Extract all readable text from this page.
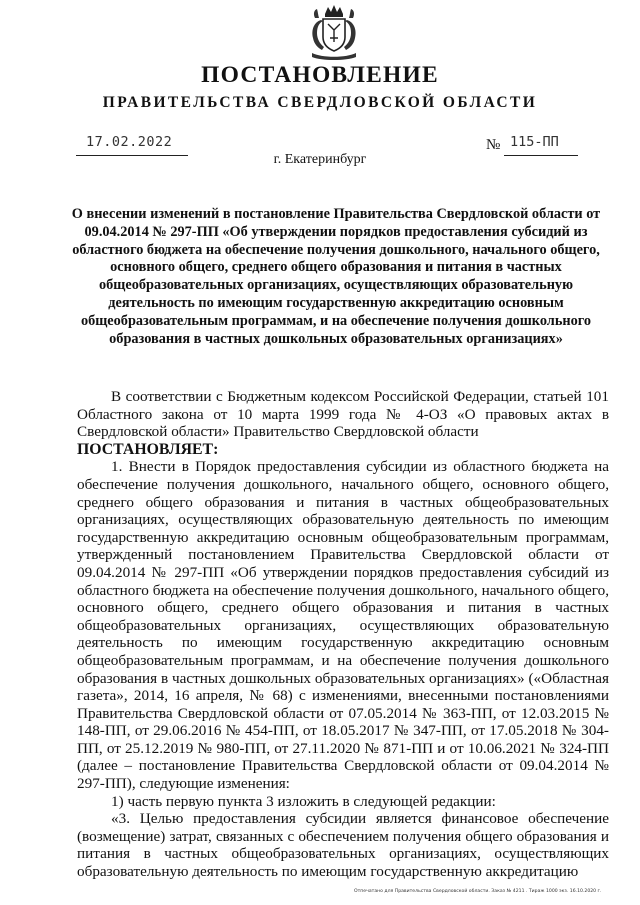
ПОСТАНОВЛЕНИЕ
ПРАВИТЕЛЬСТВА СВЕРДЛОВСКОЙ ОБЛАСТИ
17.02.2022	№ 115-ПП
г. Екатеринбург

О внесении изменений в постановление Правительства Свердловской области от 09.04.2014 № 297-ПП «Об утверждении порядков предоставления субсидий из областного бюджета на обеспечение получения дошкольного, начального общего, основного общего, среднего общего образования и питания в частных общеобразовательных организациях, осуществляющих образовательную деятельность по имеющим государственную аккредитацию основным общеобразовательным программам, и на обеспечение получения дошкольного образования в частных дошкольных образовательных организациях»

В соответствии с Бюджетным кодексом Российской Федерации, статьей 101 Областного закона от 10 марта 1999 года № 4-ОЗ «О правовых актах в Свердловской области» Правительство Свердловской области

ПОСТАНОВЛЯЕТ:

1. Внести в Порядок предоставления субсидии из областного бюджета на обеспечение получения дошкольного, начального общего, основного общего, среднего общего образования и питания в частных общеобразовательных организациях, осуществляющих образовательную деятельность по имеющим государственную аккредитацию основным общеобразовательным программам, утвержденный постановлением Правительства Свердловской области от 09.04.2014 № 297-ПП «Об утверждении порядков предоставления субсидий из областного бюджета на обеспечение получения дошкольного, начального общего, основного общего, среднего общего образования и питания в частных общеобразовательных организациях, осуществляющих образовательную деятельность по имеющим государственную аккредитацию основным общеобразовательным программам, и на обеспечение получения дошкольного образования в частных дошкольных образовательных организациях» («Областная газета», 2014, 16 апреля, № 68) с изменениями, внесенными постановлениями Правительства Свердловской области от 07.05.2014 № 363-ПП, от 12.03.2015 № 148-ПП, от 29.06.2016 № 454-ПП, от 18.05.2017 № 347-ПП, от 17.05.2018 № 304-ПП, от 25.12.2019 № 980-ПП, от 27.11.2020 № 871-ПП и от 10.06.2021 № 324-ПП (далее – постановление Правительства Свердловской области от 09.04.2014 № 297-ПП), следующие изменения:

1) часть первую пункта 3 изложить в следующей редакции:

«3. Целью предоставления субсидии является финансовое обеспечение (возмещение) затрат, связанных с обеспечением получения общего образования и питания в частных общеобразовательных организациях, осуществляющих образовательную деятельность по имеющим государственную аккредитацию

Отпечатано для Правительства Свердловской области. Заказ № 4211 . Тираж 1000 экз. 16.10.2020 г.
